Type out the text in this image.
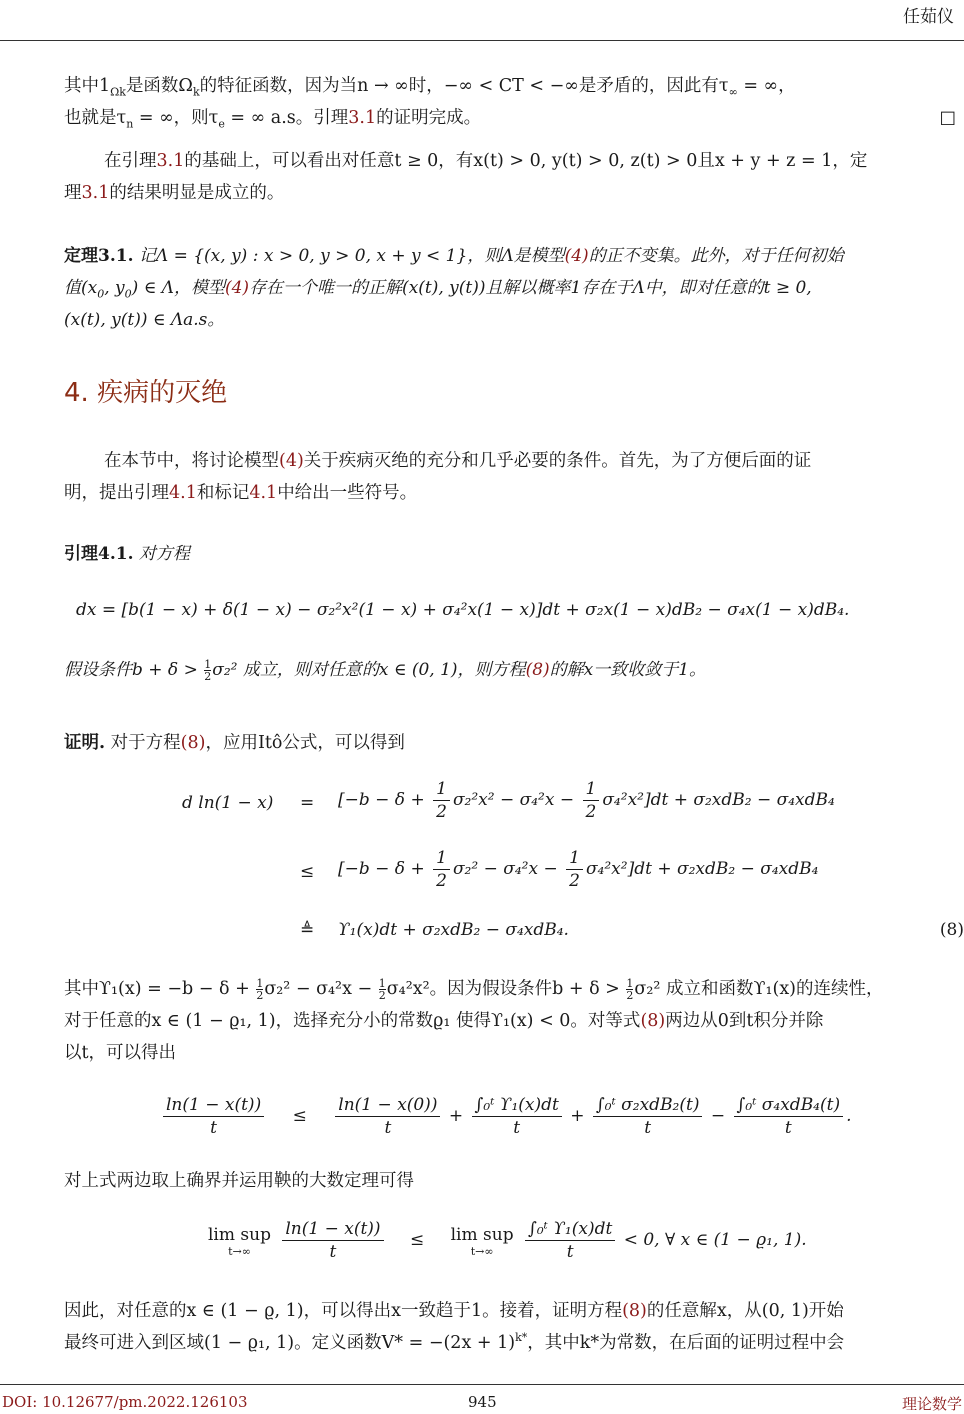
任茹仪
其中$1_{\Omega k}$是函数$\Omega_k$的特征函数，因为当n → ∞时，−∞ < CT < −∞是矛盾的，因此有$\tau_\infty$ = ∞，
也就是$\tau_n$ = ∞，则$\tau_e$ = ∞ a.s。引理3.1的证明完成。	□
在引理3.1的基础上，可以看出对任意t ≥ 0，有x(t) > 0, y(t) > 0, z(t) > 0且x + y + z = 1，定
理3.1的结果明显是成立的。
定理3.1. 记Λ = {(x, y) : x > 0, y > 0, x + y < 1}，则Λ是模型(4)的正不变集。此外，对于任何初始
值($x_0$, $y_0$) ∈ Λ，模型(4)存在一个唯一的正解(x(t), y(t))且解以概率1存在于Λ中，即对任意的t ≥ 0,
(x(t), y(t)) ∈ Λa.s。
4. 疾病的灭绝
在本节中，将讨论模型(4)关于疾病灭绝的充分和几乎必要的条件。首先，为了方便后面的证
明，提出引理4.1和标记4.1中给出一些符号。
引理4.1. 对方程
dx = [b(1 − x) + δ(1 − x) − σ₂²x²(1 − x) + σ₄²x(1 − x)]dt + σ₂x(1 − x)dB₂ − σ₄x(1 − x)dB₄.
假设条件$b + \delta > \frac{1}{2} \sigma_2^2$ 成立，则对任意的x ∈ (0, 1)，则方程(8)的解x一致收敛于1。
证明. 对于方程(8)，应用Itô公式，可以得到
d $\ln(1 - x) = [-b - \delta + \frac{1}{2} \sigma_2^2x^2 - \sigma_4^2x - \frac{1}{2} \sigma_4^2x^2]dt + \sigma_2xdB_2 - \sigma_4xdB_4$
≤ $[-b - \delta + \frac{1}{2} \sigma_2^2 - \sigma_4^2x - \frac{1}{2} \sigma_4^2x^2]dt + \sigma_2xdB_2 - \sigma_4xdB_4$
≜ ϒ₁(x)dt + σ₂xdB₂ − σ₄xdB₄.	(8)
其中$ϒ_1(x) = -b - \delta + \frac{1}{2} \sigma_2^2 - \sigma_4^2x - \frac{1}{2} \sigma_4^2x^2$。因为假设条件$b + \delta > \frac{1}{2} \sigma_2^2$ 成立和函数ϒ₁(x)的连续性，
对于任意的x ∈ (1 − ϱ₁, 1)，选择充分小的常数ϱ₁ 使得ϒ₁(x) < 0。对等式(8)两边从0到t积分并除
以t，可以得出
$\frac{\ln(1 - x(t))}{t} \le \frac{\ln(1 - x(0))}{t} + \frac{\text{∫₀ᵗ ϒ₁(x)dt}}{t} + \frac{\text{∫₀ᵗ σ₂xdB₂(t)}}{t} - \frac{\text{∫₀ᵗ σ₄xdB₄(t)}}{t}$ .
对上式两边取上确界并运用鞅的大数定理可得
lim sup
t→∞
	$\frac{\ln(1 - x(t))}{t} \le \lim$ sup
t→∞
	$\frac{\text{∫₀ᵗ ϒ₁(x)dt}}{t} < 0$, ∀ x ∈ (1 − ϱ₁, 1).
因此，对任意的x ∈ (1 − ϱ, 1)，可以得出x一致趋于1。接着，证明方程(8)的任意解x，从(0, 1)开始
最终可进入到区域(1 − ϱ₁, 1)。定义函数$V* = -(2x + 1)^{k*}$，其中k*为常数，在后面的证明过程中会
DOI: 10.12677/pm.2022.126103	945	理论数学
